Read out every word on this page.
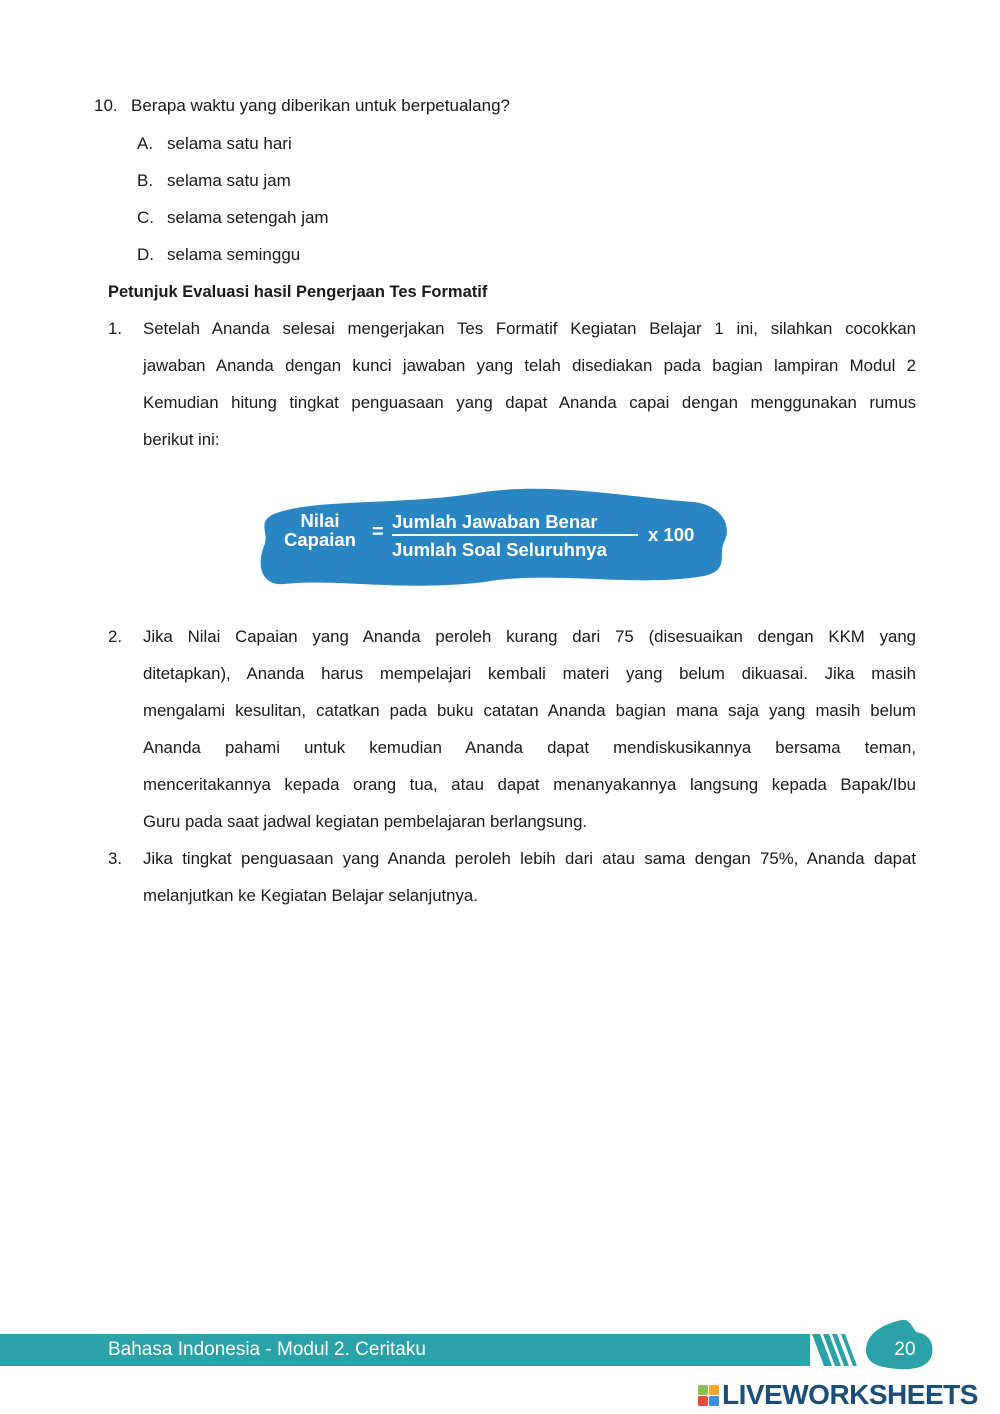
10. Berapa waktu yang diberikan untuk berpetualang?
A. selama satu hari
B. selama satu jam
C. selama setengah jam
D. selama seminggu
Petunjuk Evaluasi hasil Pengerjaan Tes Formatif
1. Setelah Ananda selesai mengerjakan Tes Formatif Kegiatan Belajar 1 ini, silahkan cocokkan
jawaban Ananda dengan kunci jawaban yang telah disediakan pada bagian lampiran Modul 2
Kemudian hitung tingkat penguasaan yang dapat Ananda capai dengan menggunakan rumus
berikut ini:
Nilai
Capaian = Jumlah Jawaban Benar
Jumlah Soal Seluruhnya
x 100
2. Jika Nilai Capaian yang Ananda peroleh kurang dari 75 (disesuaikan dengan KKM yang
ditetapkan), Ananda harus mempelajari kembali materi yang belum dikuasai. Jika masih
mengalami kesulitan, catatkan pada buku catatan Ananda bagian mana saja yang masih belum
Ananda pahami untuk kemudian Ananda dapat mendiskusikannya bersama teman,
menceritakannya kepada orang tua, atau dapat menanyakannya langsung kepada Bapak/Ibu
Guru pada saat jadwal kegiatan pembelajaran berlangsung.
3. Jika tingkat penguasaan yang Ananda peroleh lebih dari atau sama dengan 75%, Ananda dapat
melanjutkan ke Kegiatan Belajar selanjutnya.
Bahasa Indonesia - Modul 2. Ceritaku	20
LIVEWORKSHEETS
